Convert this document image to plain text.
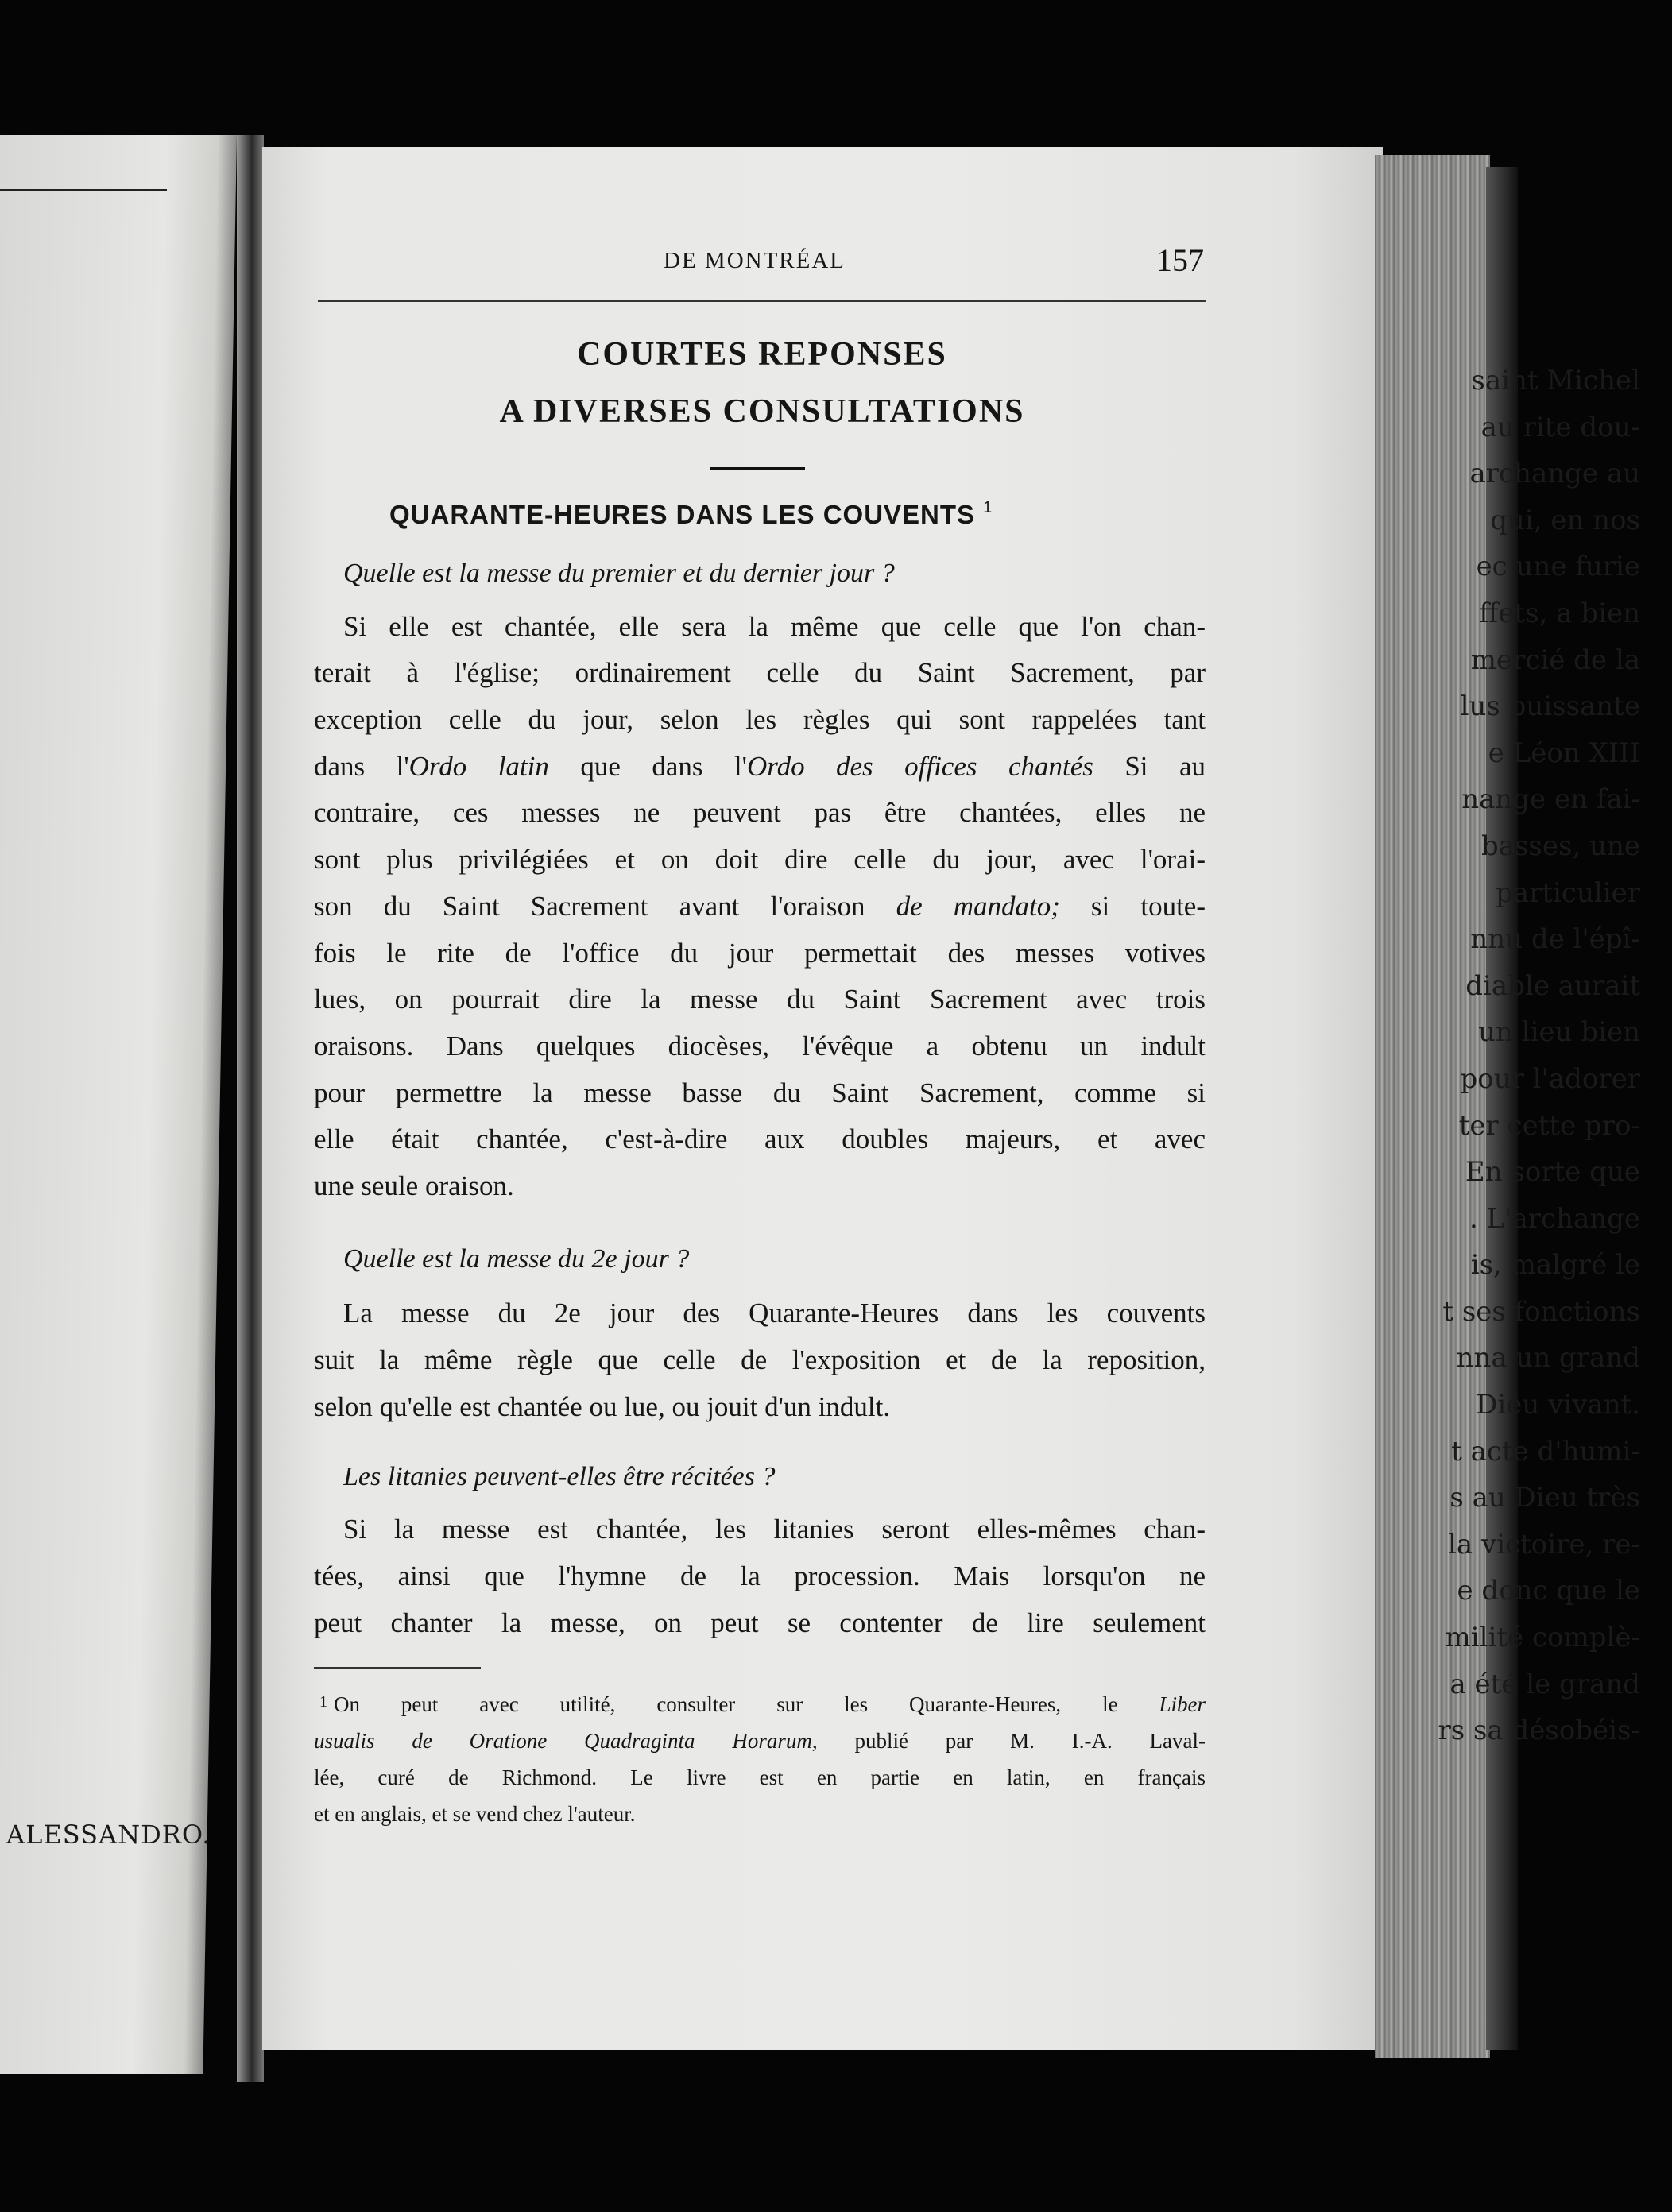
saint Michel
au rite dou-
archange au
qui, en nos
ec une furie
ffets, a bien
mercié de la
lus puissante
e Léon XIII
nange en fai-
basses, une
particulier
nnu de l'épî-
diable aurait
un lieu bien
pour l'adorer
ter cette pro-
En sorte que
. L'archange
is, malgré le
t ses fonctions
nna un grand
Dieu vivant.
t acte d'humi-
s au Dieu très
la victoire, re-
e donc que le
milité complè-
a été le grand
rs sa désobéis-
ALESSANDRO.
DE MONTRÉAL	157
COURTES REPONSES
A DIVERSES CONSULTATIONS
QUARANTE-HEURES DANS LES COUVENTS $^1$
Quelle est la messe du premier et du dernier jour ?
Si elle est chantée, elle sera la même que celle que l'on chan-
terait à l'église; ordinairement celle du Saint Sacrement, par
exception celle du jour, selon les règles qui sont rappelées tant
dans l'Ordo latin que dans l'Ordo des offices chantés Si au
contraire, ces messes ne peuvent pas être chantées, elles ne
sont plus privilégiées et on doit dire celle du jour, avec l'orai-
son du Saint Sacrement avant l'oraison de mandato; si toute-
fois le rite de l'office du jour permettait des messes votives
lues, on pourrait dire la messe du Saint Sacrement avec trois
oraisons. Dans quelques diocèses, l'évêque a obtenu un indult
pour permettre la messe basse du Saint Sacrement, comme si
elle était chantée, c'est-à-dire aux doubles majeurs, et avec
une seule oraison.
Quelle est la messe du 2e jour ?
La messe du 2e jour des Quarante-Heures dans les couvents
suit la même règle que celle de l'exposition et de la reposition,
selon qu'elle est chantée ou lue, ou jouit d'un indult.
Les litanies peuvent-elles être récitées ?
Si la messe est chantée, les litanies seront elles-mêmes chan-
tées, ainsi que l'hymne de la procession. Mais lorsqu'on ne
peut chanter la messe, on peut se contenter de lire seulement
$^1$ On peut avec utilité, consulter sur les Quarante-Heures, le Liber
usualis de Oratione Quadraginta Horarum, publié par M. I.-A. Laval-
lée, curé de Richmond. Le livre est en partie en latin, en français
et en anglais, et se vend chez l'auteur.
